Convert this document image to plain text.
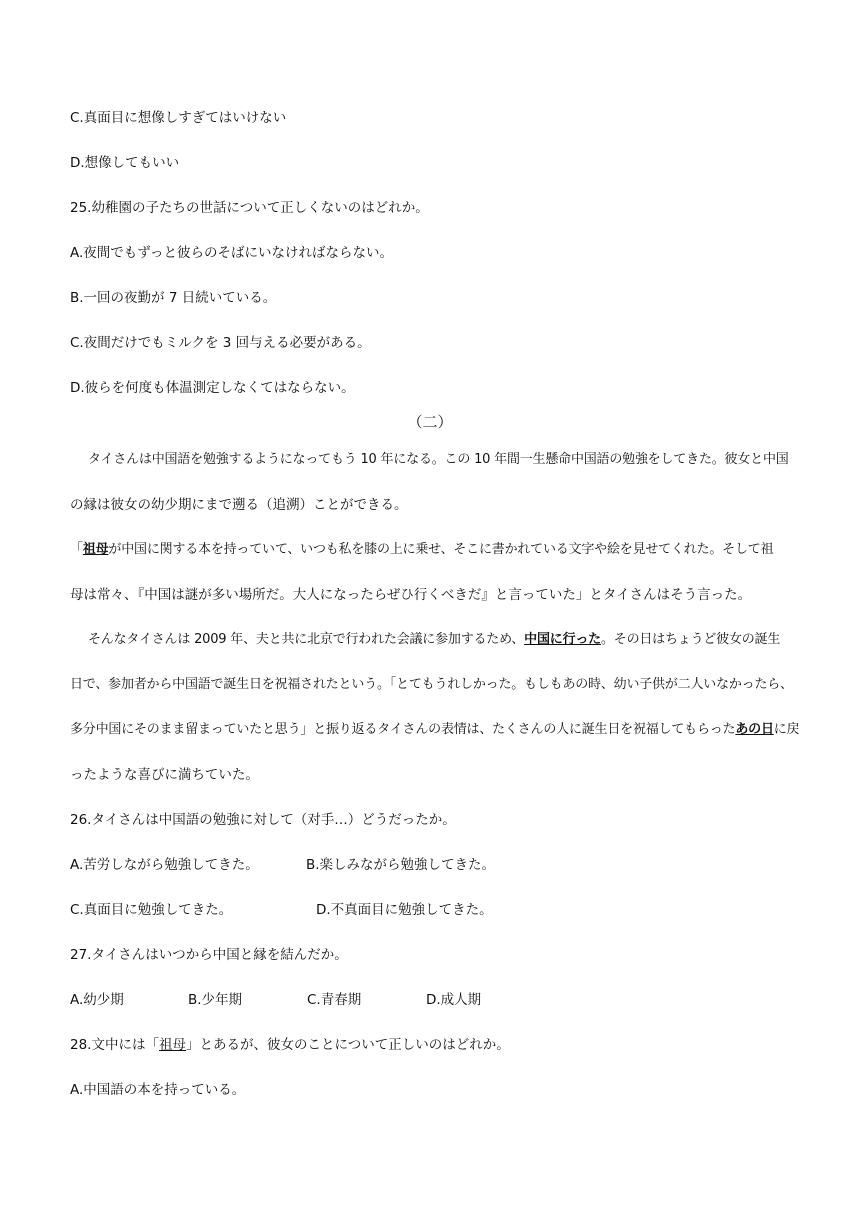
C.真面目に想像しすぎてはいけない
D.想像してもいい
25.幼稚園の子たちの世話について正しくないのはどれか。
A.夜間でもずっと彼らのそばにいなければならない。
B.一回の夜勤が 7 日続いている。
C.夜間だけでもミルクを 3 回与える必要がある。
D.彼らを何度も体温測定しなくてはならない。
（二）
タイさんは中国語を勉強するようになってもう 10 年になる。この 10 年間一生懸命中国語の勉強をしてきた。彼女と中国
の縁は彼女の幼少期にまで遡る（追溯）ことができる。
「祖母が中国に関する本を持っていて、いつも私を膝の上に乗せ、そこに書かれている文字や絵を見せてくれた。そして祖
母は常々、『中国は謎が多い場所だ。大人になったらぜひ行くべきだ』と言っていた」とタイさんはそう言った。
そんなタイさんは 2009 年、夫と共に北京で行われた会議に参加するため、中国に行った。その日はちょうど彼女の誕生
日で、参加者から中国語で誕生日を祝福されたという。「とてもうれしかった。もしもあの時、幼い子供が二人いなかったら、
多分中国にそのまま留まっていたと思う」と振り返るタイさんの表情は、たくさんの人に誕生日を祝福してもらったあの日に戻
ったような喜びに満ちていた。
26.タイさんは中国語の勉強に対して（对手…）どうだったか。
A.苦労しながら勉強してきた。	B.楽しみながら勉強してきた。
C.真面目に勉強してきた。	D.不真面目に勉強してきた。
27.タイさんはいつから中国と縁を結んだか。
A.幼少期	B.少年期	C.青春期	D.成人期
28.文中には「祖母」とあるが、彼女のことについて正しいのはどれか。
A.中国語の本を持っている。
